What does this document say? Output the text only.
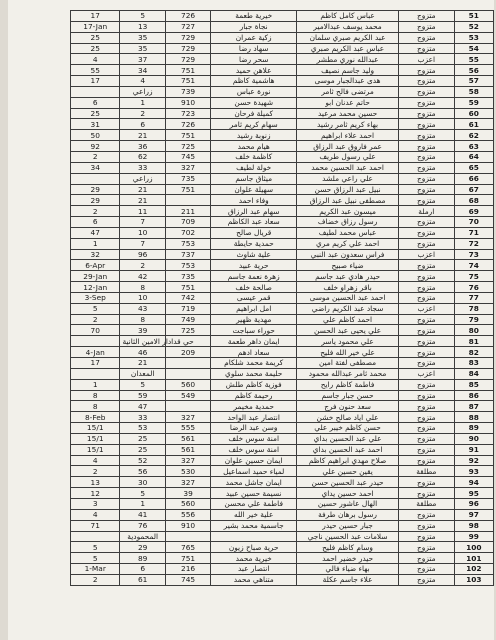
17	5	726	خيرية طعمة	عباس كامل كاظم	متزوج	51
17-Jan	13	727	نجاة جبار	محمد يوسف عبدالامير	متزوج	52
25	35	729	زكية عمران	عبد الكريم صبري سلمان	متزوج	53
25	35	729	سهاد رضا	عباس عبد الكريم صبري	متزوج	54
4	37	729	سحر رضا	عبدالله نوري مطشر	اعزب	55
55	34	751	علاهن حميد	وليد جاسم نصيف	متزوج	56
17	4	751	هاشمية كاظم	هدى عبدالجبار موسى	متزوج	57
	زراعي	739	نورة عباس	مرتضى فالح ثامر	متزوج	58
6	1	910	شهيدة حسن	حاتم عدنان ابو	متزوج	59
25	2	723	كميلة فرحان	حسين محمد مرعيد	متزوج	60
31	6	726	سهام كريم ثامر	بهاء كريم ثامر رشيد	متزوج	61
50	21	751	زنوبة رشيد	احمد علاء ابراهيم	متزوج	62
92	36	725	هيام محمد	عمر فاروق عبد الرزاق	متزوج	63
2	62	745	كاظمة خلف	علي رسول طريف	متزوج	64
34	33	327	خولة لطيف	احمد عبد الحسين محمد	متزوج	65
	زراعي	735	ميثاق جاسم	علي راعي ملشد	متزوج	66
29	21	751	سهيلة علوان	نبيل عبد الرزاق حسن	متزوج	67
29	21		وفاء احمد	مصطفى نبيل عبد الرزاق	متزوج	68
2	11	211	سهام عبد الرزاق	ميسون عبد الكريم	ارملة	69
6	7	709	سعاد عبد الكاظم	رسول رزاق خضاف	متزوج	70
47	10	702	قريال صالح	عباس محمد لطيف	متزوج	71
1	7	753	حمدية حايطة	احمد علي كريم مري	متزوج	72
32	96	737	علية شاوث	فراس سعدون عبد النبي	اعزب	73
6-Apr	2	753	حرية عبيد	ضياء صبيح	متزوج	74
29-Jan	42	735	زهرة نعمة جاسم	حيدر هادي عبد جاسم	متزوج	75
12-Jan	8	751	صالحة خلف	باقر زهراو خلف	متزوج	76
3-Sep	10	742	قمر عيسى	احمد عبد الحسين موسى	متزوج	77
5	43	719	امل ابراهيم	سجاد عبد الكريم راضي	اعزب	78
2	8	749	مهدية ظهير	احمد كاظم علي	متزوج	79
70	39	725	حوراء سباجت	علي يحيى عبد الحسن	متزوج	80
	حي قدادار الامين الثانية		ايمان داهر طعمة	علي محمود ياسر	متزوج	81
4-Jan	46	209	سعاد ادهم	علي خير الله فليح	متزوج	82
17	21		كريمة محمد شلكام	مصطفى لفتة امين	متزوج	83
	المعدان		حليمة محمد سلوي	محمد ثامر عبدالله محمود	اعزب	84
1	5	560	فوزية كاظم طلش	فاطمة كاظم رايح	متزوج	85
8	59	549	رحيمة كاظم	حسن جبار جاسم	متزوج	86
8	47		حمدية مخيمر	سعد حنون فرج	متزوج	87
8-Feb	33	327	انتصار عبد الواحد	علي اياد صالح خشن	متزوج	88
15/1	53	555	وسن عبد الرضا	حسن كاظم خيبر علي	متزوج	89
15/1	25	561	امنة سوس خلف	علي عبد الحسين بداي	متزوج	90
15/1	25	561	امنة سوس خلف	احمد عبد الحسين بداي	متزوج	91
4	52	327	ايمان حسين علوان	صلاح مهدي ابراهيم كاظم	متزوج	92
2	56	530	لمياء حميد اسماعيل	يقين حسين علي	مطلقة	93
13	30	327	ايمان جاشل محمد	حيدر عبد الحسين حسن	متزوج	94
12	5	39	نسيمة حسين عبيد	احمد حسين يداي	متزوج	95
3	1	560	فاطمة علي محسن	الهال عاشور حسين	مطلقة	96
4	41	556	علية خير الله	رسول برهان طرفة	متزوج	97
71	76	910	جاسمية محمد بشير	جبار حسين حيدر	متزوج	98
	المحمودية			سلامات عبد الحسين ناجي	متزوج	99
5	29	765	حرية صباح زيون	وسام كاظم فليح	متزوج	100
5	89	751	خيرية محمد	حيدر خضير احمد	متزوج	101
1-Mar	6	216	انتصار عبد	بهاء ضياء فالي	متزوج	102
2	61	745	متناهي محمد	علاء جاسم عكلة	متزوج	103
